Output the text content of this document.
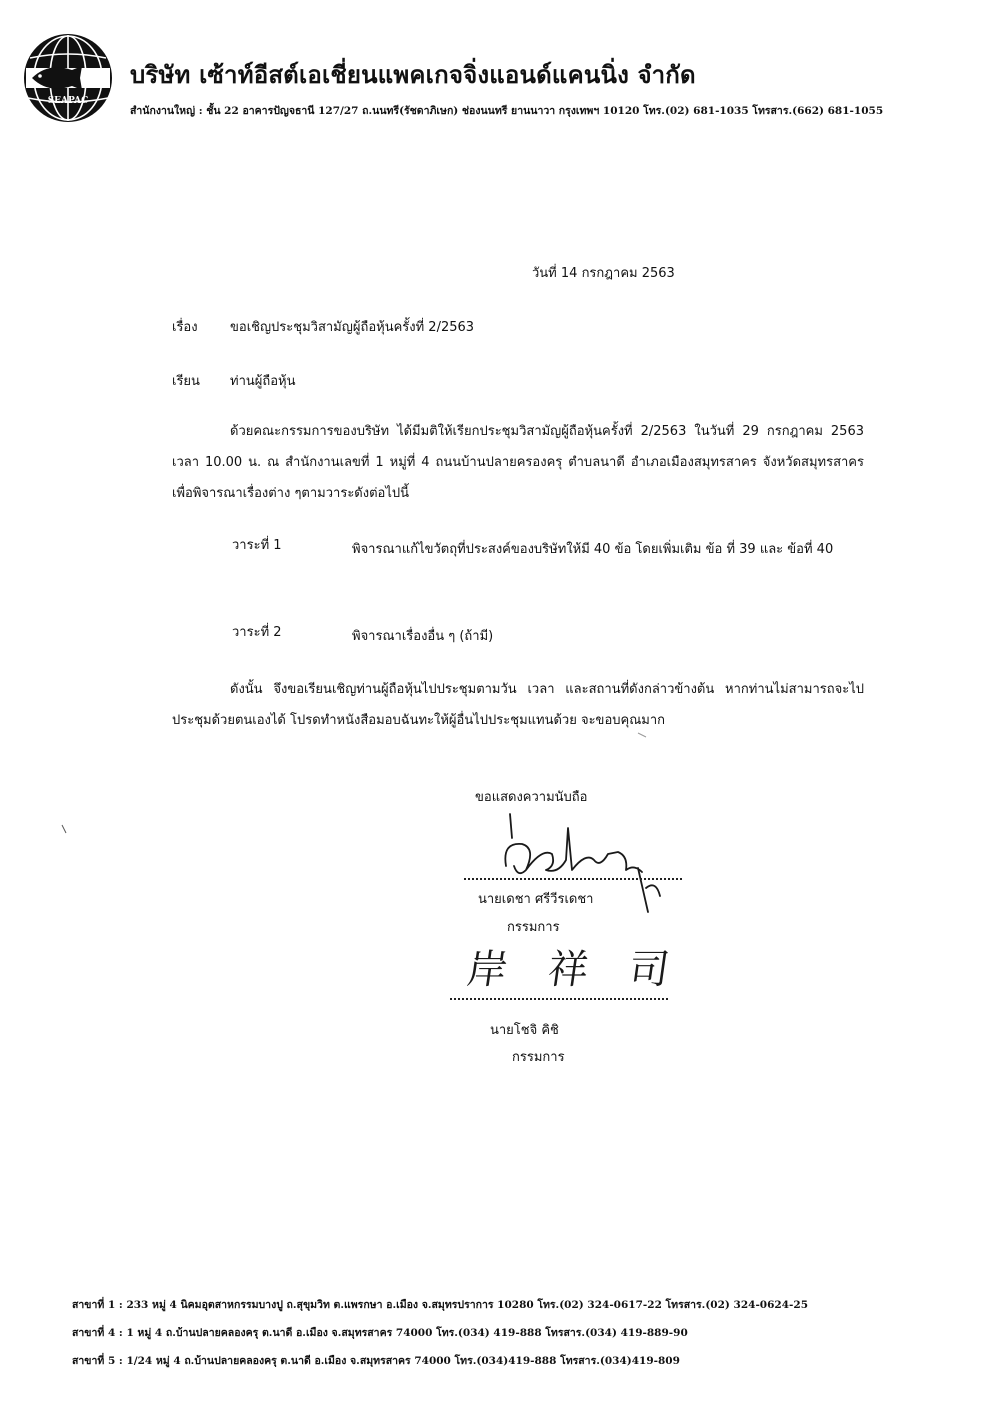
SEAPAC
บริษัท เซ้าท์อีสต์เอเชี่ยนแพคเกจจิ่งแอนด์แคนนิ่ง จำกัด
สำนักงานใหญ่ : ชั้น 22 อาคารปัญจธานี 127/27 ถ.นนทรี(รัชดาภิเษก) ช่องนนทรี ยานนาวา กรุงเทพฯ 10120 โทร.(02) 681-1035 โทรสาร.(662) 681-1055
วันที่ 14 กรกฎาคม 2563
เรื่อง ขอเชิญประชุมวิสามัญผู้ถือหุ้นครั้งที่ 2/2563
เรียน ท่านผู้ถือหุ้น
ด้วยคณะกรรมการของบริษัท ได้มีมติให้เรียกประชุมวิสามัญผู้ถือหุ้นครั้งที่ 2/2563 ในวันที่ 29 กรกฎาคม 2563 เวลา 10.00 น. ณ สำนักงานเลขที่ 1 หมู่ที่ 4 ถนนบ้านปลายครองครุ ตำบลนาดี อำเภอเมืองสมุทรสาคร จังหวัดสมุทรสาคร เพื่อพิจารณาเรื่องต่าง ๆตามวาระดังต่อไปนี้
วาระที่ 1	พิจารณาแก้ไขวัตถุที่ประสงค์ของบริษัทให้มี 40 ข้อ โดยเพิ่มเติม ข้อ ที่ 39 และ ข้อที่ 40
วาระที่ 2	พิจารณาเรื่องอื่น ๆ (ถ้ามี)
ดังนั้น จึงขอเรียนเชิญท่านผู้ถือหุ้นไปประชุมตามวัน เวลา และสถานที่ดังกล่าวข้างต้น หากท่านไม่สามารถจะไปประชุมด้วยตนเองได้ โปรดทำหนังสือมอบฉันทะให้ผู้อื่นไปประชุมแทนด้วย จะขอบคุณมาก
ขอแสดงความนับถือ
นายเดชา ศรีวีรเดชา
กรรมการ
岸 祥 司
นายโชจิ คิชิ
กรรมการ
สาขาที่ 1 : 233 หมู่ 4 นิคมอุตสาหกรรมบางปู ถ.สุขุมวิท ต.แพรกษา อ.เมือง จ.สมุทรปราการ 10280 โทร.(02) 324-0617-22 โทรสาร.(02) 324-0624-25
สาขาที่ 4 : 1 หมู่ 4 ถ.บ้านปลายคลองครุ ต.นาดี อ.เมือง จ.สมุทรสาคร 74000 โทร.(034) 419-888 โทรสาร.(034) 419-889-90
สาขาที่ 5 : 1/24 หมู่ 4 ถ.บ้านปลายคลองครุ ต.นาดี อ.เมือง จ.สมุทรสาคร 74000 โทร.(034)419-888 โทรสาร.(034)419-809
